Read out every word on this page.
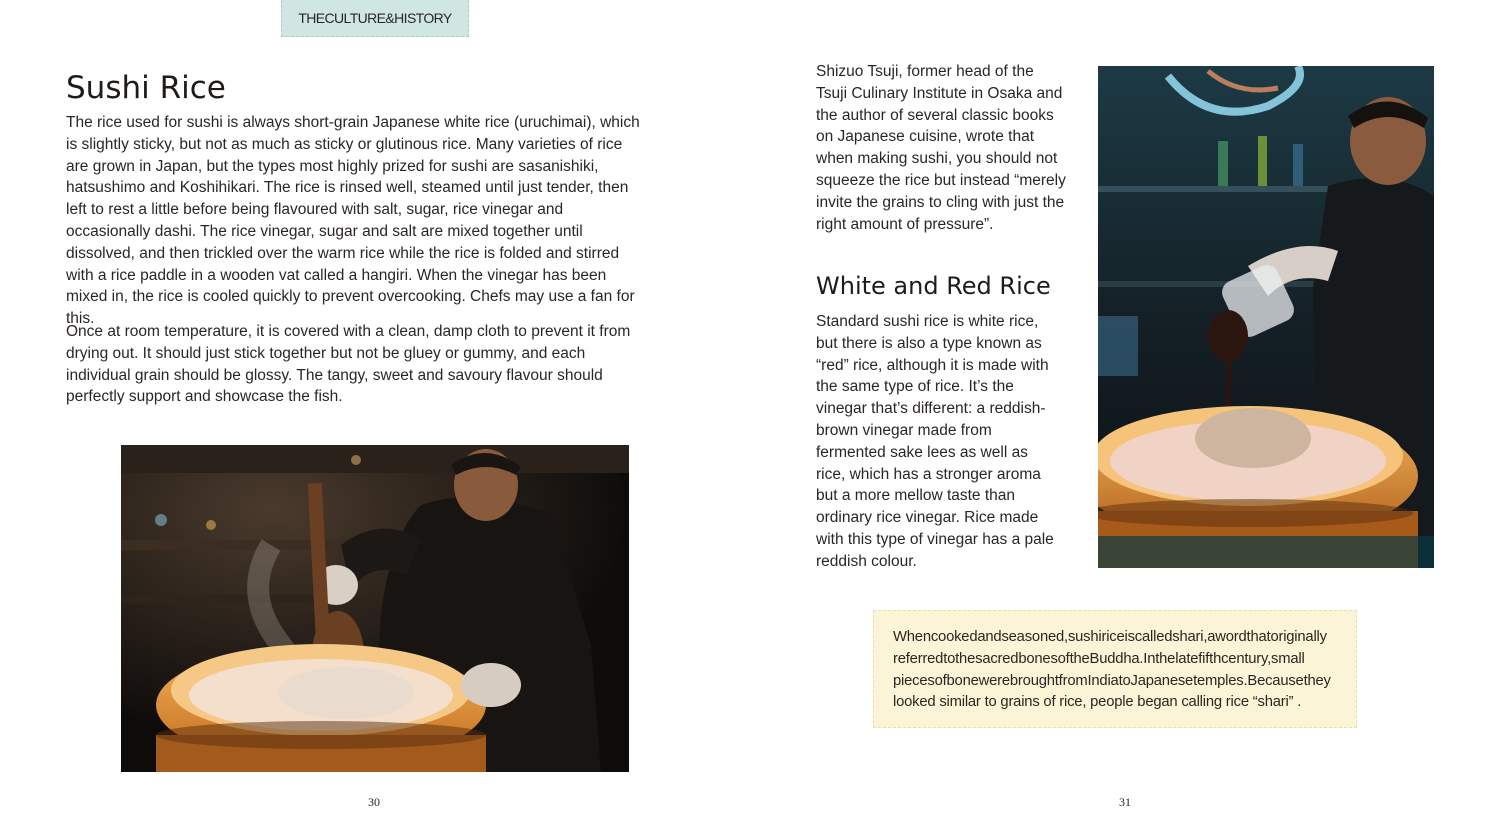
THECULTURE&HISTORY
Sushi Rice

The rice used for sushi is always short-grain Japanese white rice (uruchimai), which is slightly sticky, but not as much as sticky or glutinous rice. Many varieties of rice are grown in Japan, but the types most highly prized for sushi are sasanishiki, hatsushimo and Koshihikari. The rice is rinsed well, steamed until just tender, then left to rest a little before being flavoured with salt, sugar, rice vinegar and occasionally dashi. The rice vinegar, sugar and salt are mixed together until dissolved, and then trickled over the warm rice while the rice is folded and stirred with a rice paddle in a wooden vat called a hangiri. When the vinegar has been mixed in, the rice is cooled quickly to prevent overcooking. Chefs may use a fan for this.

Once at room temperature, it is covered with a clean, damp cloth to prevent it from drying out. It should just stick together but not be gluey or gummy, and each individual grain should be glossy. The tangy, sweet and savoury flavour should perfectly support and showcase the fish.

30

Shizuo Tsuji, former head of the Tsuji Culinary Institute in Osaka and the author of several classic books on Japanese cuisine, wrote that when making sushi, you should not squeeze the rice but instead “merely invite the grains to cling with just the right amount of pressure”.

White and Red Rice

Standard sushi rice is white rice, but there is also a type known as “red” rice, although it is made with the same type of rice. It’s the vinegar that’s different: a reddish-brown vinegar made from fermented sake lees as well as rice, which has a stronger aroma but a more mellow taste than ordinary rice vinegar. Rice made with this type of vinegar has a pale reddish colour.

Whencookedandseasoned,sushiriceiscalledshari,awordthatoriginally referredtothesacredbonesoftheBuddha.Inthelatefifthcentury,small piecesofbonewerebroughtfromIndiatoJapanesetemples.Becausethey looked similar to grains of rice, people began calling rice “shari” .

31
